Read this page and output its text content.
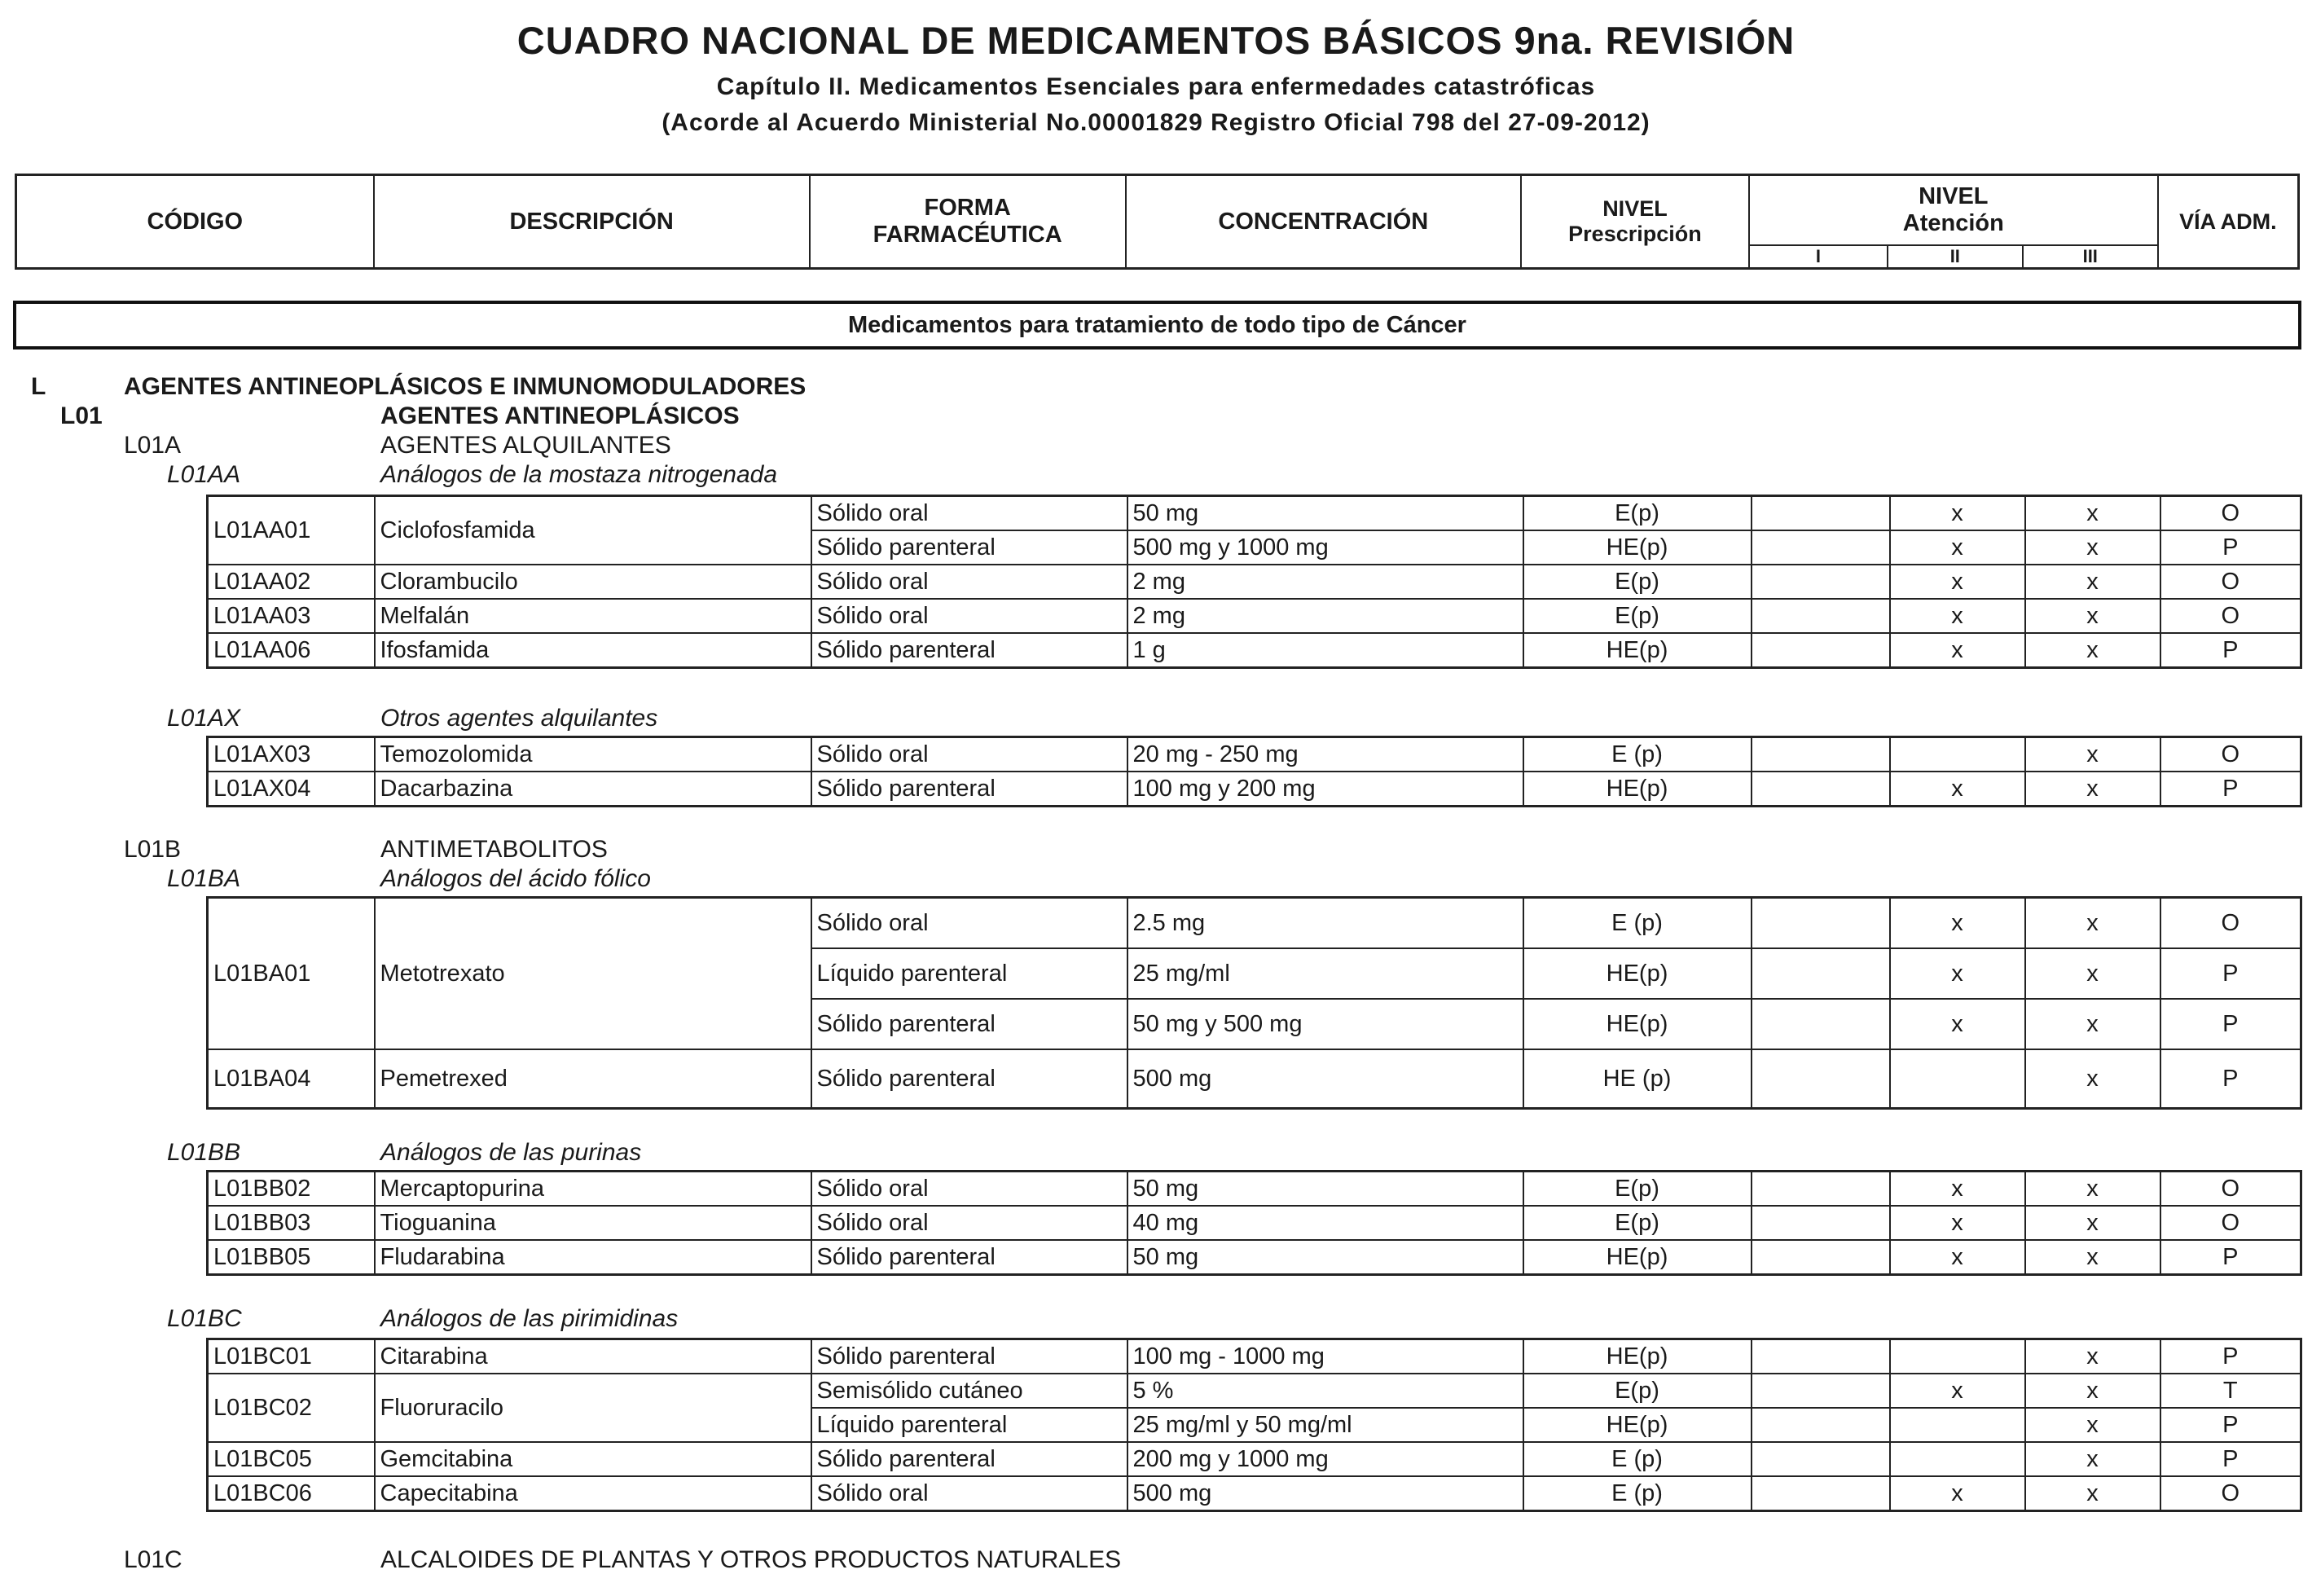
CUADRO NACIONAL DE MEDICAMENTOS BÁSICOS 9na. REVISIÓN
Capítulo II. Medicamentos Esenciales para enfermedades catastróficas
(Acorde al Acuerdo Ministerial No.00001829 Registro Oficial 798 del 27-09-2012)
CÓDIGO	DESCRIPCIÓN	FORMA FARMACÉUTICA	CONCENTRACIÓN	NIVEL Prescripción	NIVEL Atención			VÍA ADM.
					I	II	III	
Medicamentos para tratamiento de todo tipo de Cáncer
L	AGENTES ANTINEOPLÁSICOS E INMUNOMODULADORES
L01	AGENTES ANTINEOPLÁSICOS
L01A	AGENTES ALQUILANTES
L01AA	Análogos de la mostaza nitrogenada
L01AA01	Ciclofosfamida	Sólido oral	50 mg	E(p)		x	x	O
		Sólido parenteral	500 mg y 1000 mg	HE(p)		x	x	P
L01AA02	Clorambucilo	Sólido oral	2 mg	E(p)		x	x	O
L01AA03	Melfalán	Sólido oral	2 mg	E(p)		x	x	O
L01AA06	Ifosfamida	Sólido parenteral	1 g	HE(p)		x	x	P
L01AX	Otros agentes alquilantes
L01AX03	Temozolomida	Sólido oral	20 mg - 250 mg	E (p)			x	O
L01AX04	Dacarbazina	Sólido parenteral	100 mg y 200 mg	HE(p)		x	x	P
L01B	ANTIMETABOLITOS
L01BA	Análogos del ácido fólico
L01BA01	Metotrexato	Sólido oral	2.5 mg	E (p)		x	x	O
		Líquido parenteral	25 mg/ml	HE(p)		x	x	P
		Sólido parenteral	50 mg y 500 mg	HE(p)		x	x	P
L01BA04	Pemetrexed	Sólido parenteral	500 mg	HE (p)			x	P
L01BB	Análogos de las purinas
L01BB02	Mercaptopurina	Sólido oral	50 mg	E(p)		x	x	O
L01BB03	Tioguanina	Sólido oral	40 mg	E(p)		x	x	O
L01BB05	Fludarabina	Sólido parenteral	50 mg	HE(p)		x	x	P
L01BC	Análogos de las pirimidinas
L01BC01	Citarabina	Sólido parenteral	100 mg - 1000 mg	HE(p)			x	P
L01BC02	Fluoruracilo	Semisólido cutáneo	5 %	E(p)		x	x	T
		Líquido parenteral	25 mg/ml y 50 mg/ml	HE(p)			x	P
L01BC05	Gemcitabina	Sólido parenteral	200 mg y 1000 mg	E (p)			x	P
L01BC06	Capecitabina	Sólido oral	500 mg	E (p)		x	x	O
L01C	ALCALOIDES DE PLANTAS Y OTROS PRODUCTOS NATURALES
